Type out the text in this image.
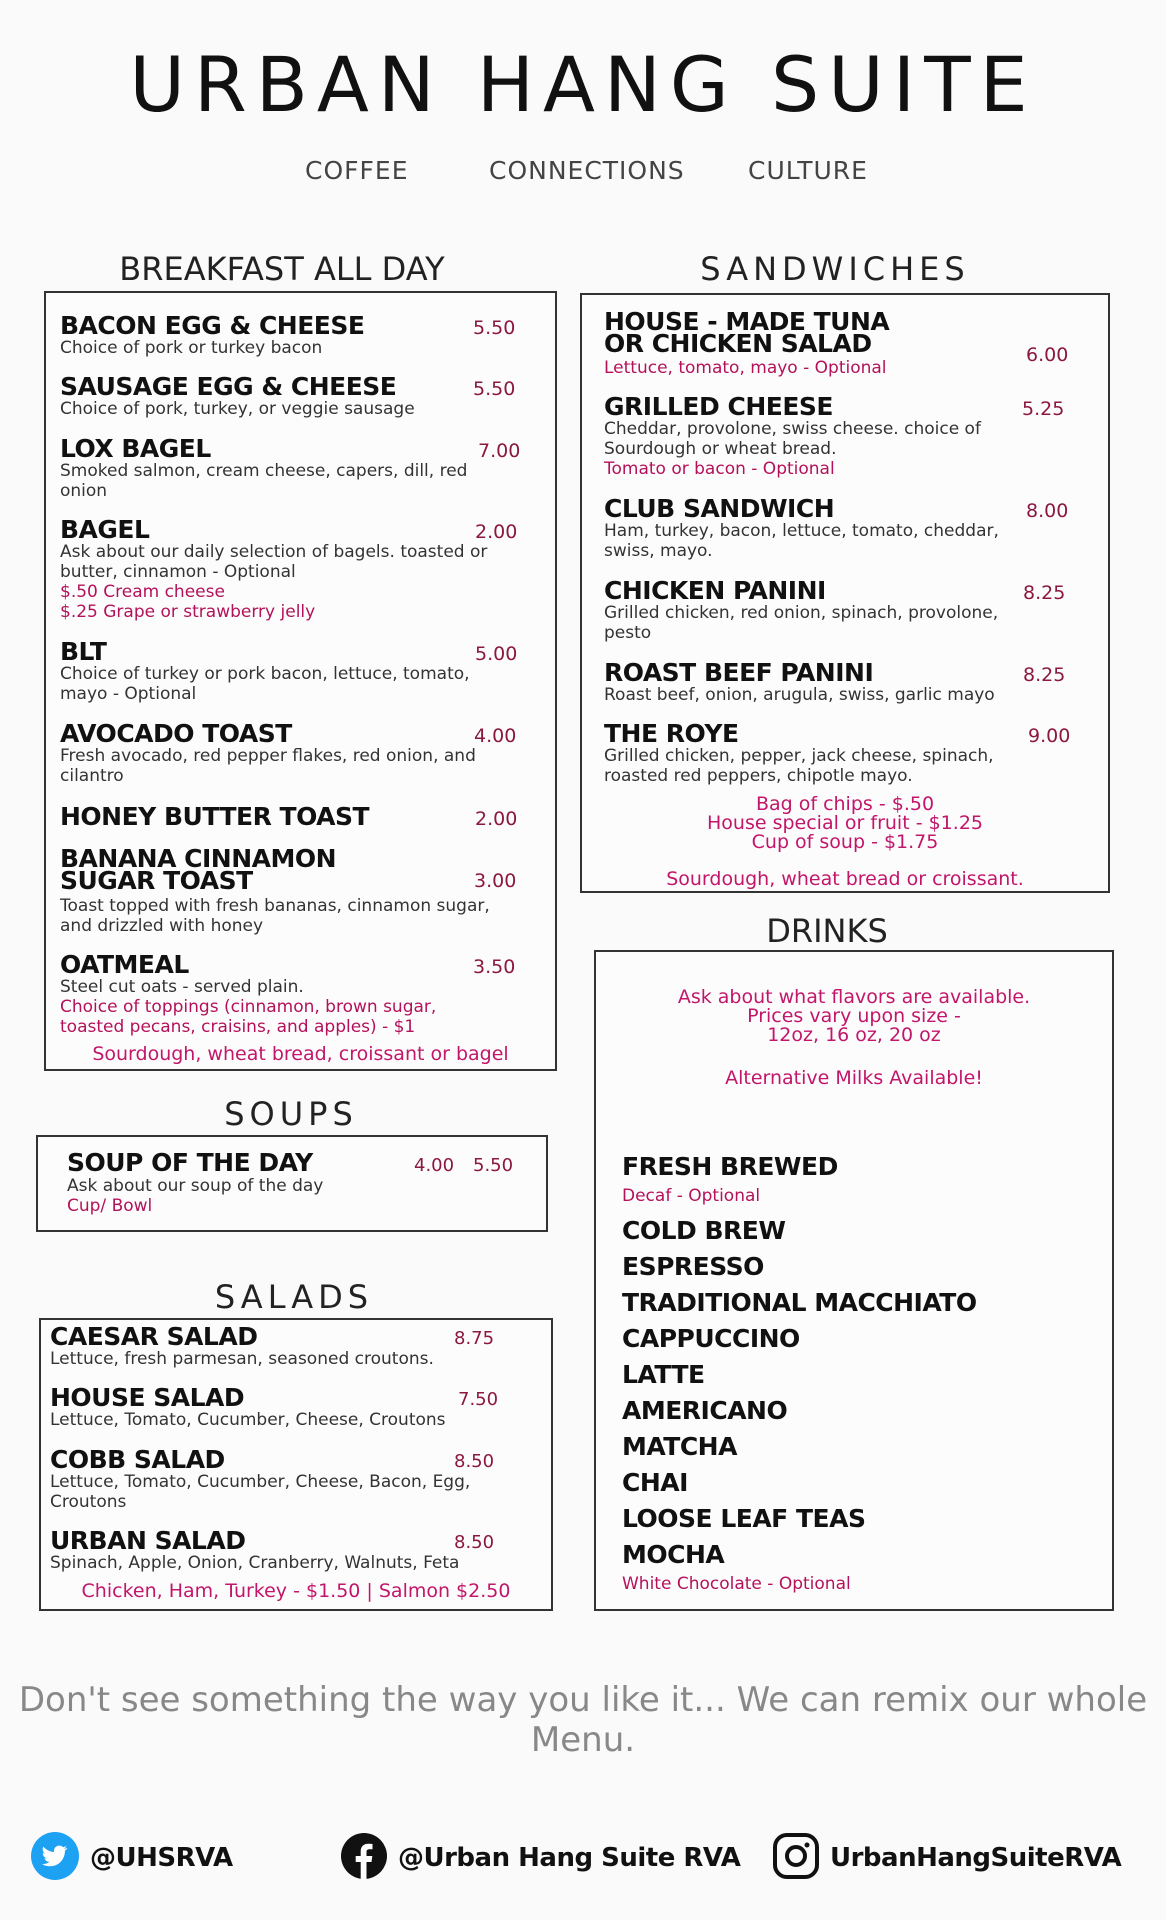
URBAN HANG SUITE
COFFEE	CONNECTIONS	CULTURE
BREAKFAST ALL DAY
BACON EGG & CHEESE	5.50
Choice of pork or turkey bacon
SAUSAGE EGG & CHEESE	5.50
Choice of pork, turkey, or veggie sausage
LOX BAGEL	7.00
Smoked salmon, cream cheese, capers, dill, red onion
BAGEL	2.00
Ask about our daily selection of bagels. toasted or butter, cinnamon - Optional
$.50 Cream cheese
$.25 Grape or strawberry jelly
BLT	5.00
Choice of turkey or pork bacon, lettuce, tomato, mayo - Optional
AVOCADO TOAST	4.00
Fresh avocado, red pepper flakes, red onion, and cilantro
HONEY BUTTER TOAST	2.00
BANANA CINNAMON SUGAR TOAST	3.00
Toast topped with fresh bananas, cinnamon sugar, and drizzled with honey
OATMEAL	3.50
Steel cut oats - served plain.
Choice of toppings (cinnamon, brown sugar, toasted pecans, craisins, and apples) - $1
Sourdough, wheat bread, croissant or bagel
SOUPS
SOUP OF THE DAY	4.00 5.50
Ask about our soup of the day
Cup/ Bowl
SALADS
CAESAR SALAD	8.75
Lettuce, fresh parmesan, seasoned croutons.
HOUSE SALAD	7.50
Lettuce, Tomato, Cucumber, Cheese, Croutons
COBB SALAD	8.50
Lettuce, Tomato, Cucumber, Cheese, Bacon, Egg, Croutons
URBAN SALAD	8.50
Spinach, Apple, Onion, Cranberry, Walnuts, Feta
Chicken, Ham, Turkey - $1.50 | Salmon $2.50
SANDWICHES
HOUSE - MADE TUNA OR CHICKEN SALAD	6.00
Lettuce, tomato, mayo - Optional
GRILLED CHEESE	5.25
Cheddar, provolone, swiss cheese. choice of Sourdough or wheat bread.
Tomato or bacon - Optional
CLUB SANDWICH	8.00
Ham, turkey, bacon, lettuce, tomato, cheddar, swiss, mayo.
CHICKEN PANINI	8.25
Grilled chicken, red onion, spinach, provolone, pesto
ROAST BEEF PANINI	8.25
Roast beef, onion, arugula, swiss, garlic mayo
THE ROYE	9.00
Grilled chicken, pepper, jack cheese, spinach, roasted red peppers, chipotle mayo.
Bag of chips - $.50
House special or fruit - $1.25
Cup of soup - $1.75
Sourdough, wheat bread or croissant.
DRINKS
Ask about what flavors are available.
Prices vary upon size -
12oz, 16 oz, 20 oz
Alternative Milks Available!
FRESH BREWED
Decaf - Optional
COLD BREW
ESPRESSO
TRADITIONAL MACCHIATO
CAPPUCCINO
LATTE
AMERICANO
MATCHA
CHAI
LOOSE LEAF TEAS
MOCHA
White Chocolate - Optional
Don't see something the way you like it... We can remix our whole Menu.
@UHSRVA	@Urban Hang Suite RVA	UrbanHangSuiteRVA
